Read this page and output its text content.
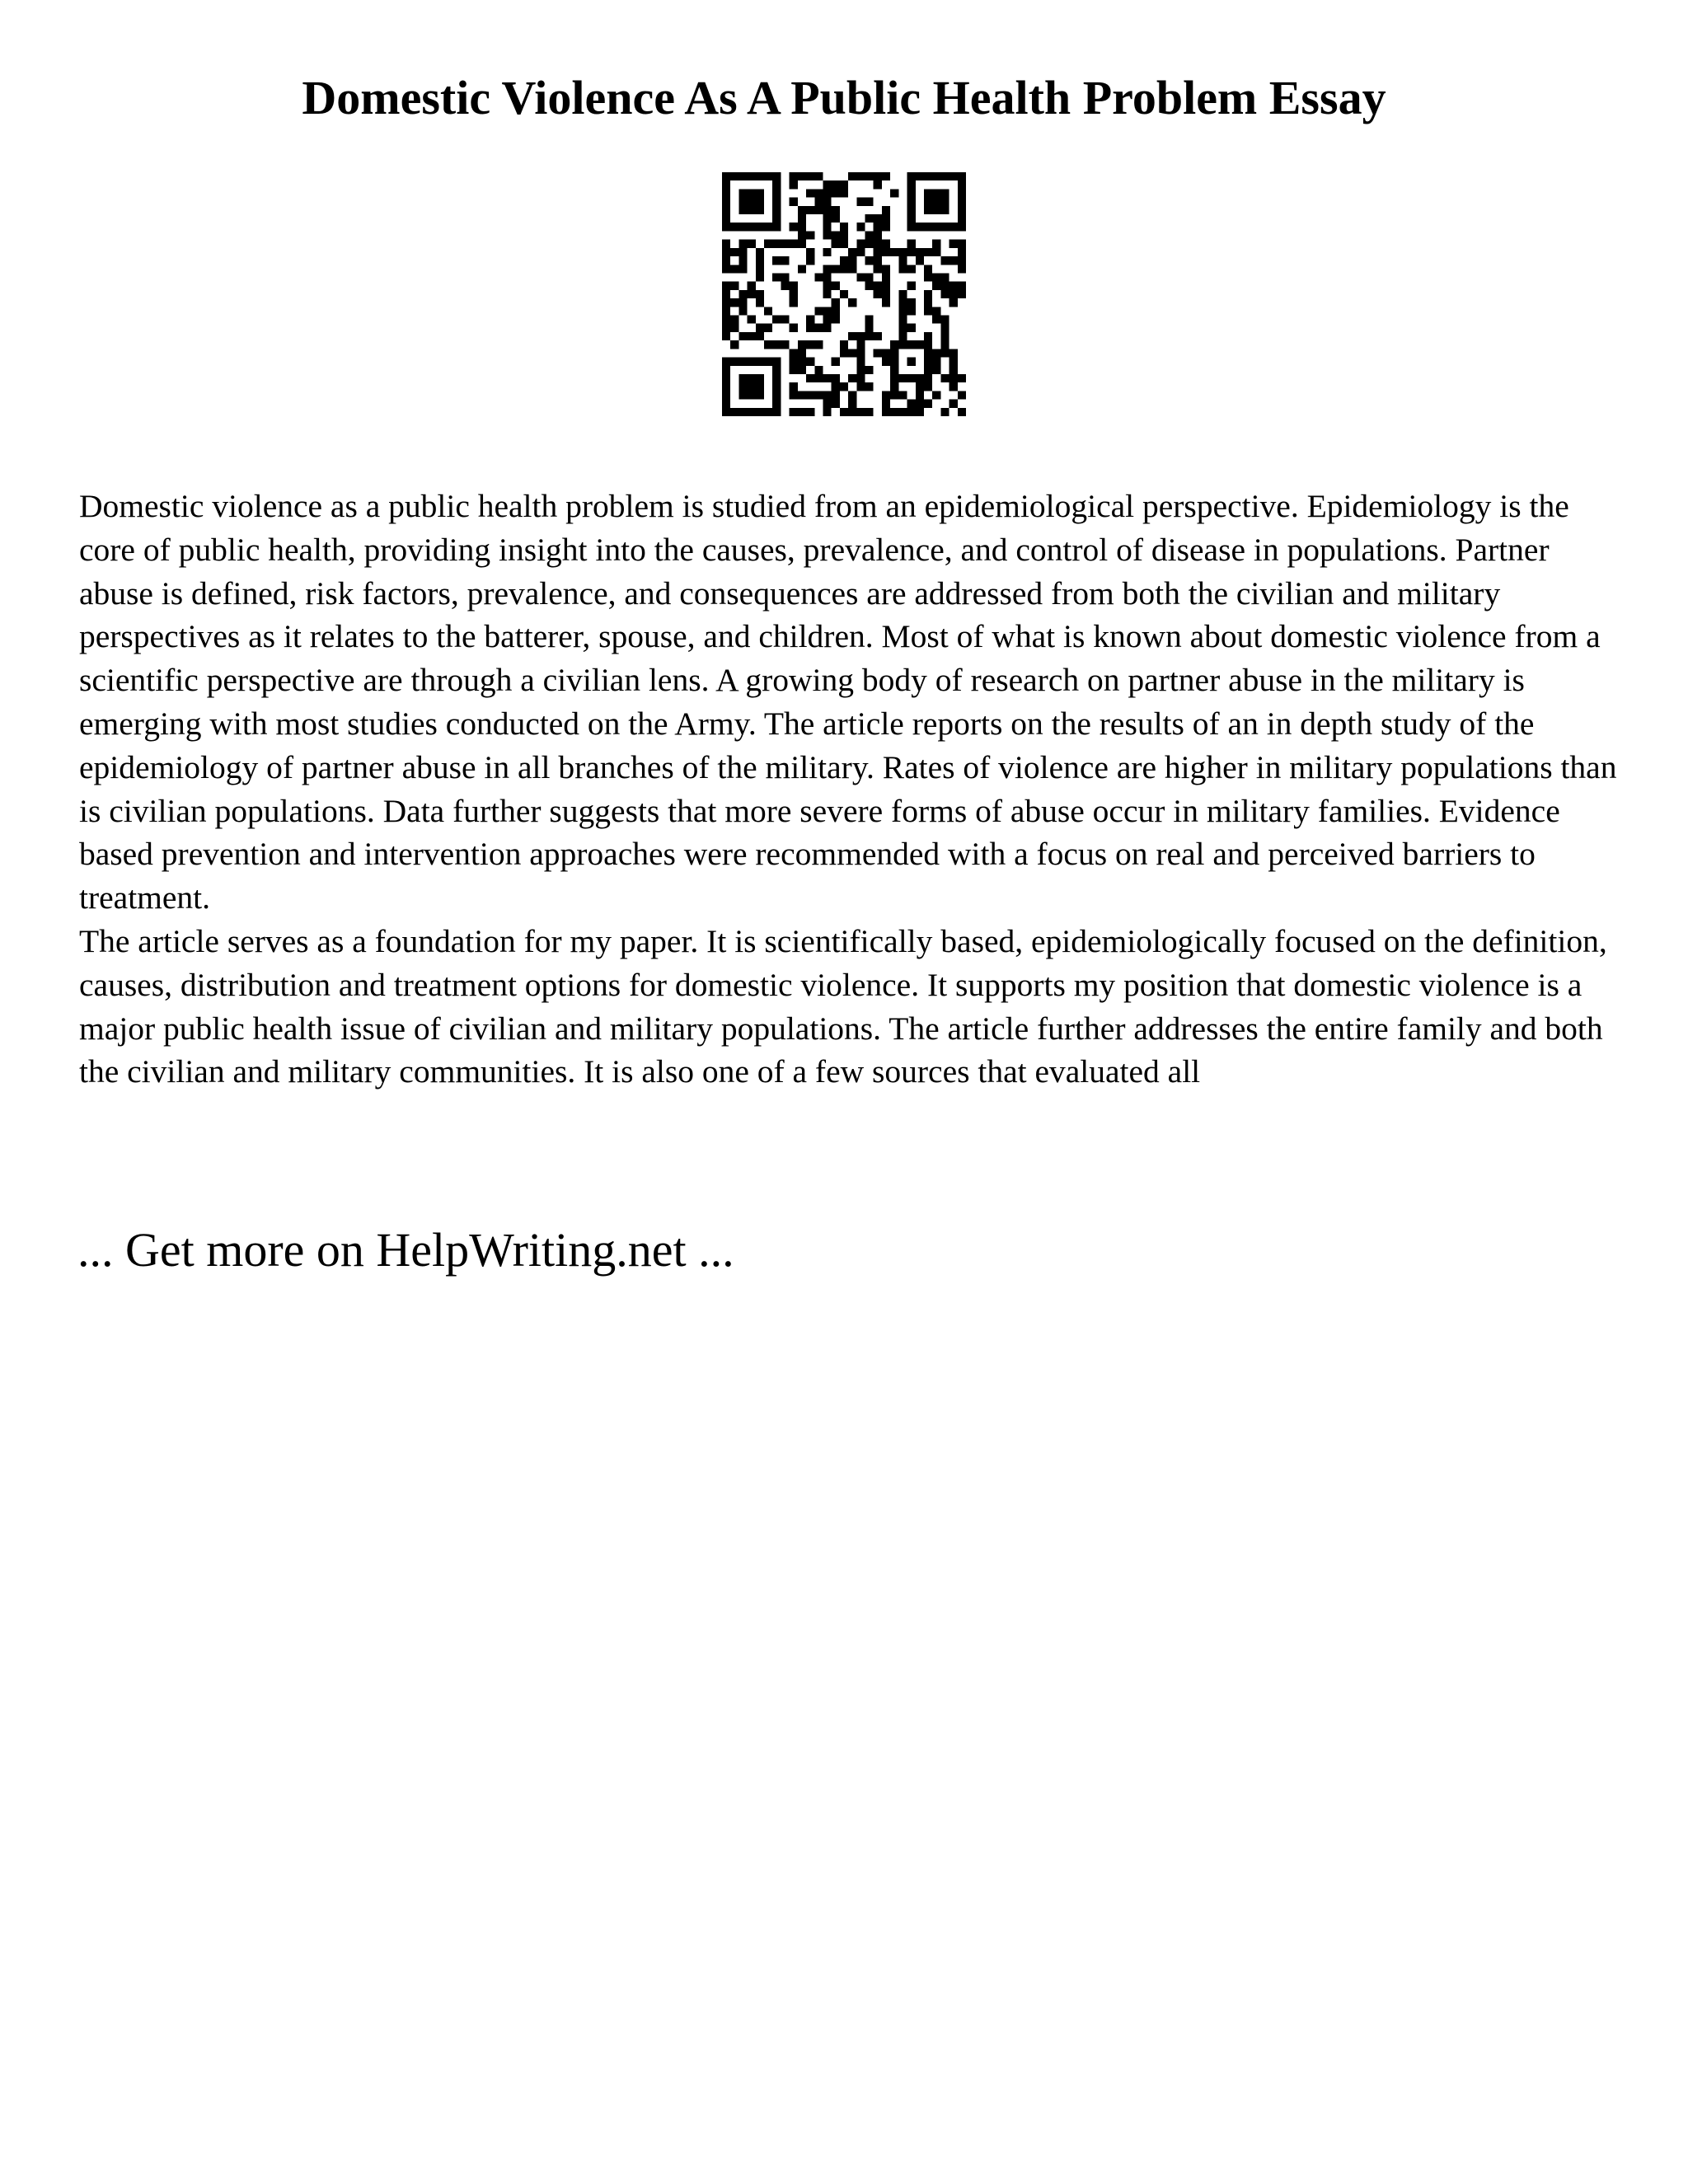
Domestic Violence As A Public Health Problem Essay

Domestic violence as a public health problem is studied from an epidemiological perspective. Epidemiology is the core of public health, providing insight into the causes, prevalence, and control of disease in populations. Partner abuse is defined, risk factors, prevalence, and consequences are addressed from both the civilian and military perspectives as it relates to the batterer, spouse, and children. Most of what is known about domestic violence from a scientific perspective are through a civilian lens. A growing body of research on partner abuse in the military is emerging with most studies conducted on the Army. The article reports on the results of an in depth study of the epidemiology of partner abuse in all branches of the military. Rates of violence are higher in military populations than is civilian populations. Data further suggests that more severe forms of abuse occur in military families. Evidence based prevention and intervention approaches were recommended with a focus on real and perceived barriers to treatment.

The article serves as a foundation for my paper. It is scientifically based, epidemiologically focused on the definition, causes, distribution and treatment options for domestic violence. It supports my position that domestic violence is a major public health issue of civilian and military populations. The article further addresses the entire family and both the civilian and military communities. It is also one of a few sources that evaluated all

... Get more on HelpWriting.net ...
